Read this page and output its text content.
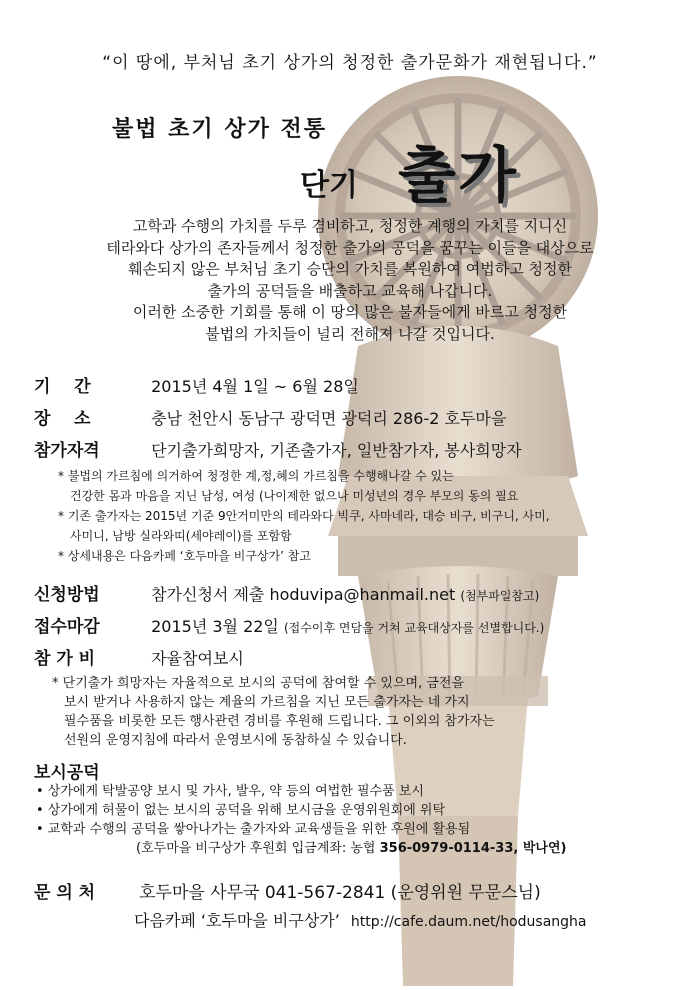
“이 땅에, 부처님 초기 상가의 청정한 출가문화가 재현됩니다.”
불법 초기 상가 전통
단기 출가
고학과 수행의 가치를 두루 겸비하고, 청정한 계행의 가치를 지니신
테라와다 상가의 존자들께서 청정한 출가의 공덕을 꿈꾸는 이들을 대상으로
훼손되지 않은 부처님 초기 승단의 가치를 복원하여 여법하고 청정한
출가의 공덕들을 배출하고 교육해 나갑니다.
이러한 소중한 기회를 통해 이 땅의 많은 불자들에게 바르고 청정한
불법의 가치들이 널리 전해져 나갈 것입니다.
기    간	2015년 4월 1일 ~ 6월 28일
장    소	충남 천안시 동남구 광덕면 광덕리 286-2 호두마을
참가자격	단기출가희망자, 기존출가자, 일반참가자, 봉사희망자
* 불법의 가르침에 의거하여 청정한 계,정,혜의 가르침을 수행해나갈 수 있는
건강한 몸과 마음을 지닌 남성, 여성 (나이제한 없으나 미성년의 경우 부모의 동의 필요
* 기존 출가자는 2015년 기준 9안거미만의 테라와다 빅쿠, 사마네라, 대승 비구, 비구니, 사미,
사미니, 남방 실라와띠(세야레이)를 포함함
* 상세내용은 다음카페 ‘호두마을 비구상가’ 참고
신청방법	참가신청서 제출 hoduvipa@hanmail.net (첨부파일참고)
접수마감	2015년 3월 22일 (접수이후 면담을 거쳐 교육대상자를 선별합니다.)
참 가 비	자율참여보시
* 단기출가 희망자는 자율적으로 보시의 공덕에 참여할 수 있으며, 금전을
보시 받거나 사용하지 않는 계율의 가르침을 지닌 모든 출가자는 네 가지
필수품을 비롯한 모든 행사관련 경비를 후원해 드립니다. 그 이외의 참가자는
선원의 운영지침에 따라서 운영보시에 동참하실 수 있습니다.
보시공덕
• 상가에게 탁발공양 보시 및 가사, 발우, 약 등의 여법한 필수품 보시
• 상가에게 허물이 없는 보시의 공덕을 위해 보시금을 운영위원회에 위탁
• 교학과 수행의 공덕을 쌓아나가는 출가자와 교육생들을 위한 후원에 활용됨
(호두마을 비구상가 후원회 입금계좌: 농협 356-0979-0114-33, 박나연)
문 의 처	호두마을 사무국 041-567-2841 (운영위원 무문스님)
다음카페 ‘호두마을 비구상가’ http://cafe.daum.net/hodusangha
